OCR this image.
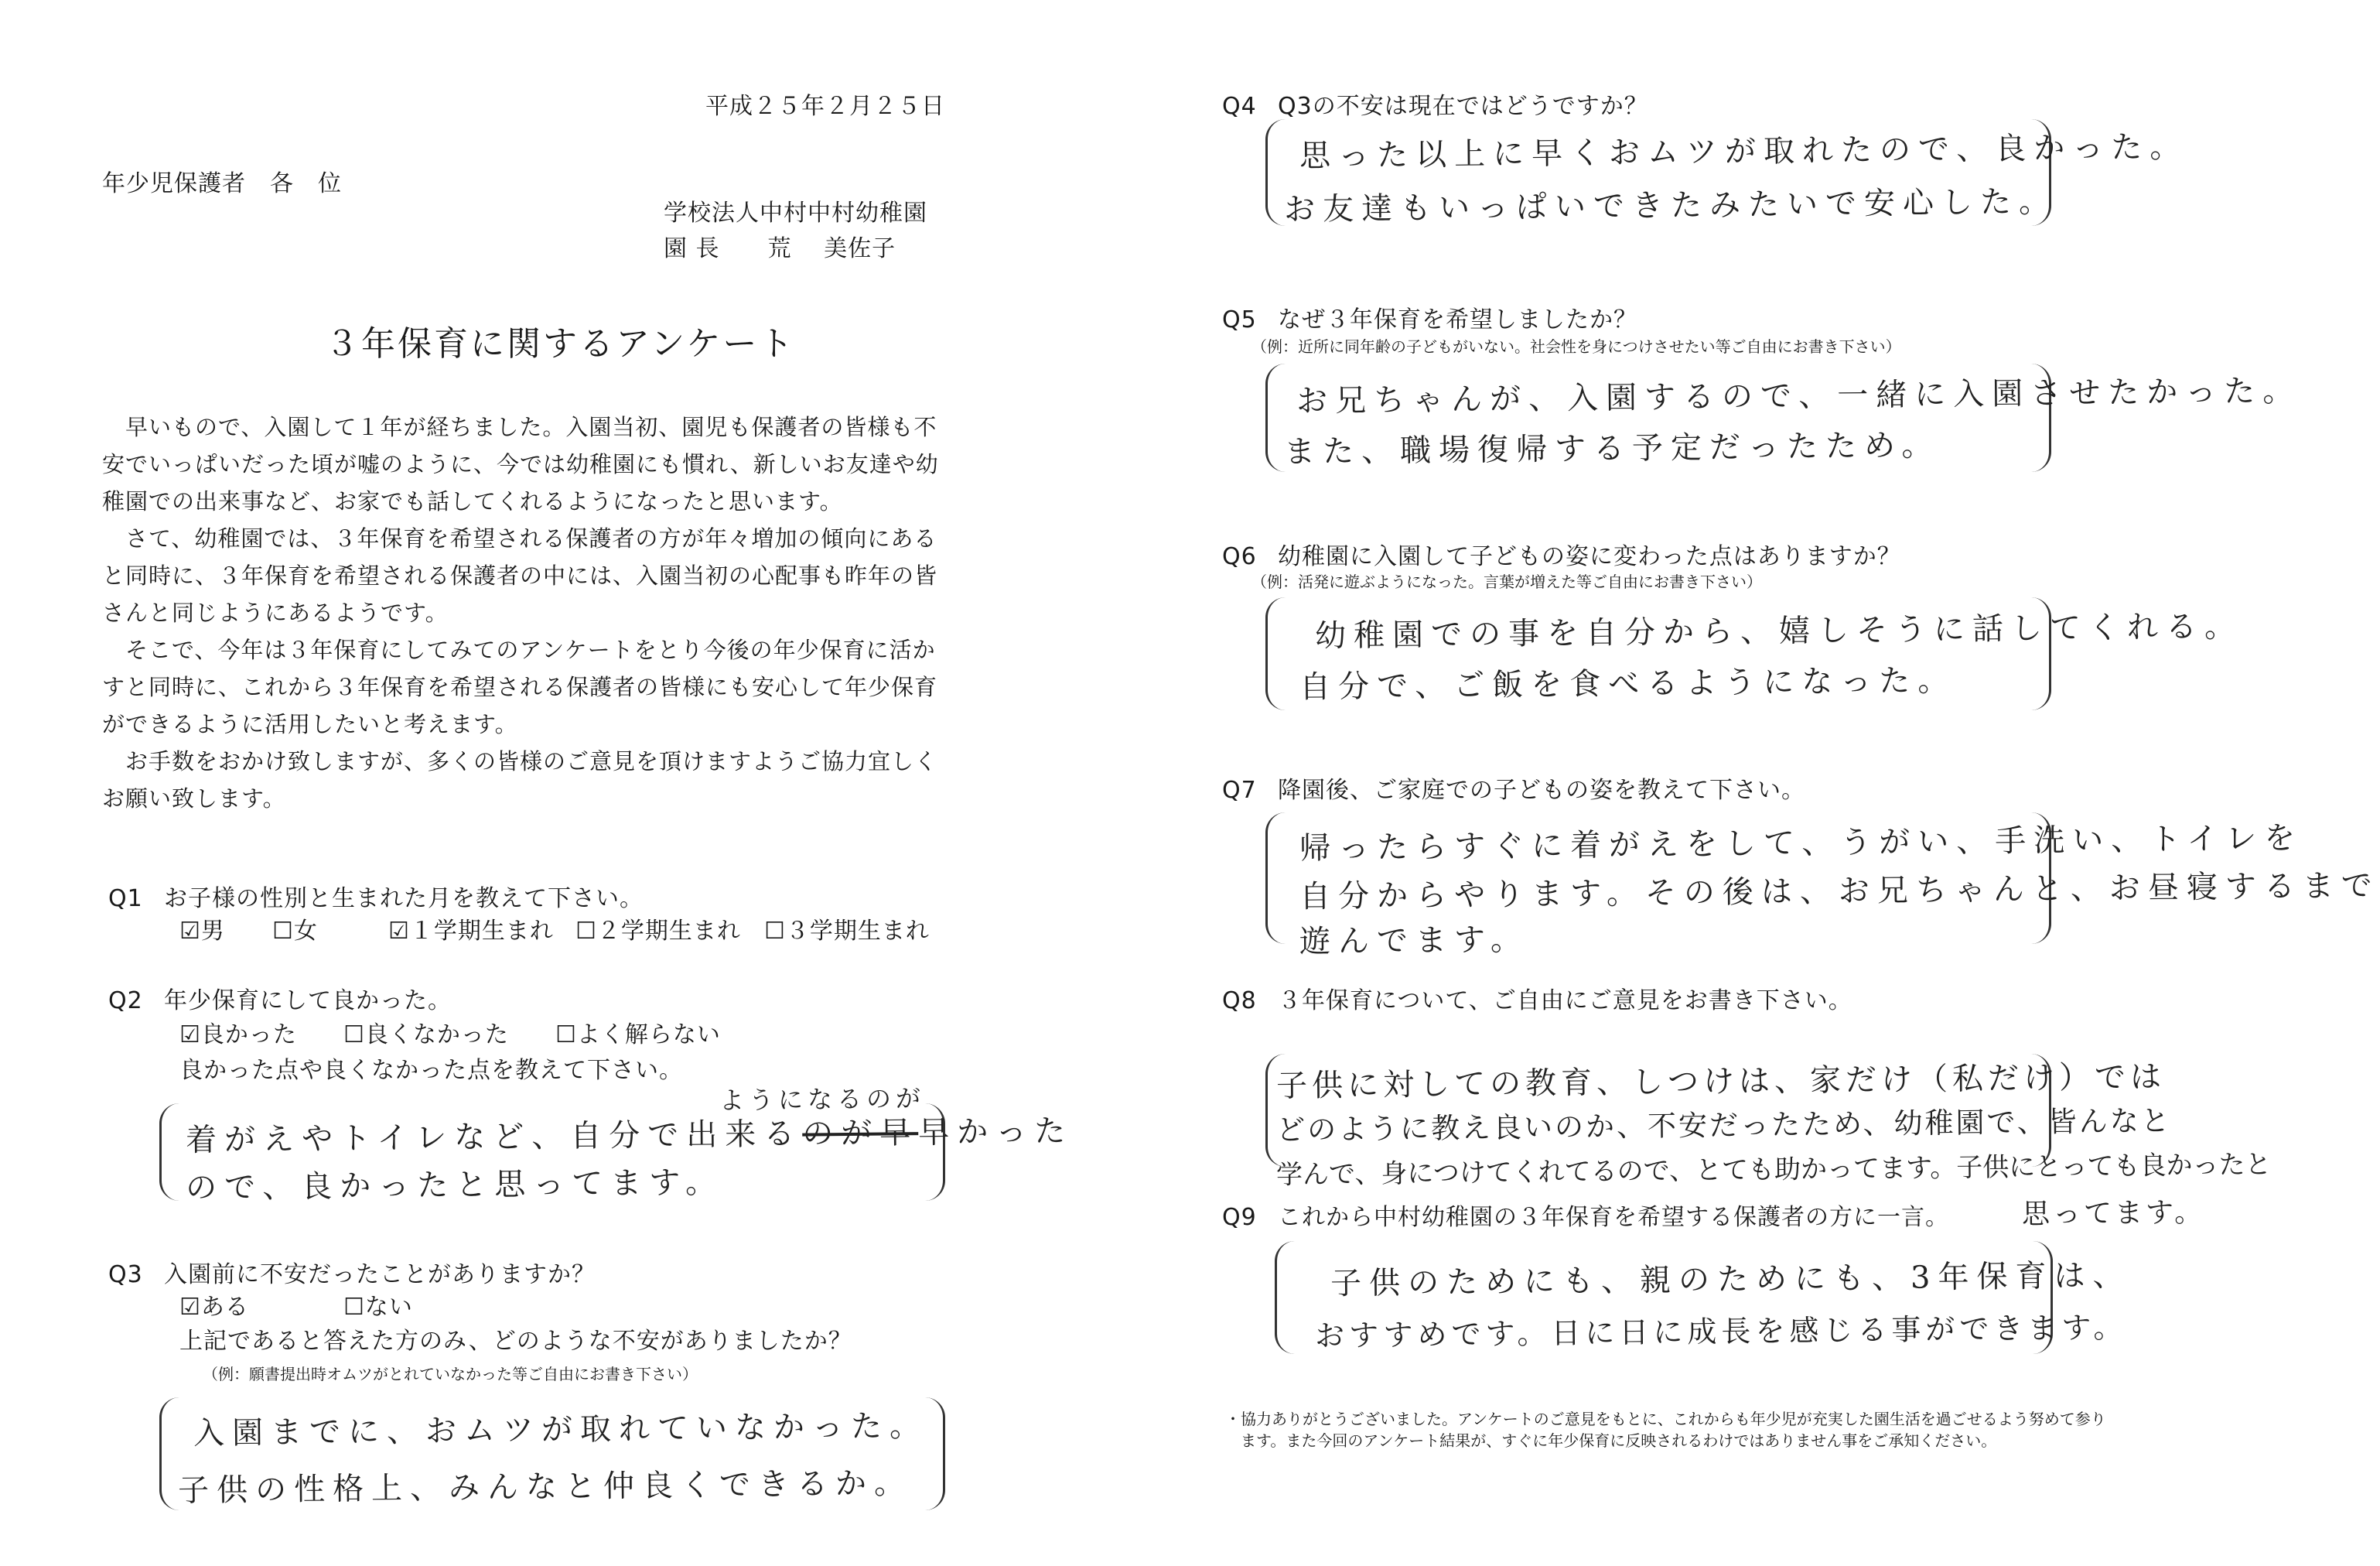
平成２５年２月２５日
年少児保護者　各　位
学校法人中村中村幼稚園
園 長　　荒　 美佐子
３年保育に関するアンケート

早いもので、入園して１年が経ちました。入園当初、園児も保護者の皆様も不安でいっぱいだった頃が嘘のように、今では幼稚園にも慣れ、新しいお友達や幼稚園での出来事など、お家でも話してくれるようになったと思います。

さて、幼稚園では、３年保育を希望される保護者の方が年々増加の傾向にあると同時に、３年保育を希望される保護者の中には、入園当初の心配事も昨年の皆さんと同じようにあるようです。

そこで、今年は３年保育にしてみてのアンケートをとり今後の年少保育に活かすと同時に、これから３年保育を希望される保護者の皆様にも安心して年少保育ができるように活用したいと考えます。

お手数をおかけ致しますが、多くの皆様のご意見を頂けますようご協力宜しくお願い致します。

Q1 お子様の性別と生まれた月を教えて下さい。
☑男 ☐女	☑１学期生まれ ☐２学期生まれ ☐３学期生まれ
Q2 年少保育にして良かった。
☑良かった ☐良くなかった ☐よく解らない
良かった点や良くなかった点を教えて下さい。
ようになるのが
着がえやトイレなど、自分で出来るのが早早かった
ので、良かったと思ってます。
Q3 入園前に不安だったことがありますか？
☑ある	☐ない
上記であると答えた方のみ、どのような不安がありましたか？
（例：願書提出時オムツがとれていなかった等ご自由にお書き下さい）
入園までに、おムツが取れていなかった。
子供の性格上、みんなと仲良くできるか。
Q4 Q3の不安は現在ではどうですか？
思った以上に早くおムツが取れたので、良かった。
お友達もいっぱいできたみたいで安心した。
Q5 なぜ３年保育を希望しましたか？
（例：近所に同年齢の子どもがいない。社会性を身につけさせたい等ご自由にお書き下さい）
お兄ちゃんが、入園するので、一緒に入園させたかった。
また、職場復帰する予定だったため。
Q6 幼稚園に入園して子どもの姿に変わった点はありますか？
（例：活発に遊ぶようになった。言葉が増えた等ご自由にお書き下さい）
幼稚園での事を自分から、嬉しそうに話してくれる。
自分で、ご飯を食べるようになった。
Q7 降園後、ご家庭での子どもの姿を教えて下さい。
帰ったらすぐに着がえをして、うがい、手洗い、トイレを
自分からやります。その後は、お兄ちゃんと、お昼寝するまで
遊んでます。
Q8 ３年保育について、ご自由にご意見をお書き下さい。
子供に対しての教育、しつけは、家だけ（私だけ）では
どのように教え良いのか、不安だったため、幼稚園で、皆んなと
学んで、身につけてくれてるので、とても助かってます。子供にとっても良かったと
思ってます。
Q9 これから中村幼稚園の３年保育を希望する保護者の方に一言。
子供のためにも、親のためにも、3年保育は、
おすすめです。日に日に成長を感じる事ができます。
・協力ありがとうございました。アンケートのご意見をもとに、これからも年少児が充実した園生活を過ごせるよう努めて参り
ます。また今回のアンケート結果が、すぐに年少保育に反映されるわけではありません事をご承知ください。
